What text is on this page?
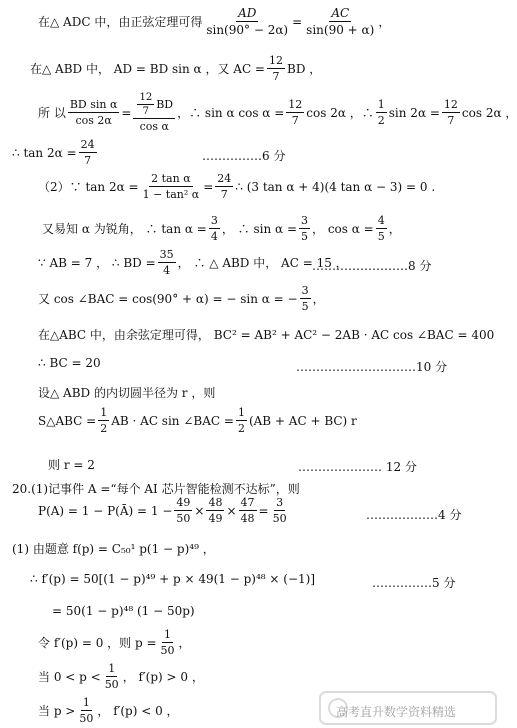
在△ ADC 中，由正弦定理可得 $\frac{AD}{\sin(90^\circ - 2\alpha)} = \frac{AC}{\sin(90 + \alpha)}$ ，
在△ ABD 中， AD = BD sin α ，又 AC = $\frac{12}{7}$ BD ，
所 以 $\frac{\text{BD sin α}}{\cos 2\alpha} = \frac{\frac{12}{7} BD}{\text{cos α}}$ ，∴ sin α $\cos \alpha = \frac{12}{7}$ cos 2α ，∴ $\frac{1}{2}$ $\sin 2\alpha = \frac{12}{7}$ cos 2α ，
∴ $\tan 2\alpha = \frac{24}{7}$	……………6 分
（2）∵ $\tan 2\alpha = \frac{\text{2 tan α}}{\text{1 − tan² α}} = \frac{24}{7}$ ∴ (3 tan α + 4)(4 tan α − 3) = 0 .
又易知 α 为锐角， ∴ $\tan \alpha = \frac{3}{4}$ ， ∴ $\sin \alpha = \frac{3}{5}$ ， $\cos \alpha = \frac{4}{5}$ ，
∵ AB = 7 ， ∴ BD = $\frac{35}{4}$ ， ∴ △ ABD 中， AC = 15 ，
……………………8 分
又 cos ∠BAC = cos(90° + α) = − sin α = − $\frac{3}{5}$ ，
在△ABC 中，由余弦定理可得， BC² = AB² + AC² − 2AB · AC cos ∠BAC = 400
∴ BC = 20	…………………………10 分
设△ ABD 的内切圆半径为 r ，则
S△ABC = $\frac{1}{2}$ AB · AC sin ∠BAC = $\frac{1}{2} (AB$ + AC + BC) r
则 r = 2	………………… 12 分
20.(1)记事件 A =“每个 AI 芯片智能检测不达标”，则
P(A) = 1 − P(Ā) = $1 - \frac{49}{50} \times \frac{48}{49} \times \frac{47}{48} = \frac{3}{50}$	………………4 分
(1) 由题意 f(p) = C₅₀¹ p(1 − p)⁴⁹ ，
∴ f′(p) = 50[(1 − p)⁴⁹ + p × 49(1 − p)⁴⁸ × (−1)]	……………5 分
= 50(1 − p)⁴⁸ (1 − 50p)
令 f′(p) = 0 ，则 $p = \frac{1}{50}$ ，
当 $0 < p < \frac{1}{50}$ ， f′(p) > 0 ，
当 $p > \frac{1}{50}$ ， f′(p) < 0 ，	高考直升数学资料精选
